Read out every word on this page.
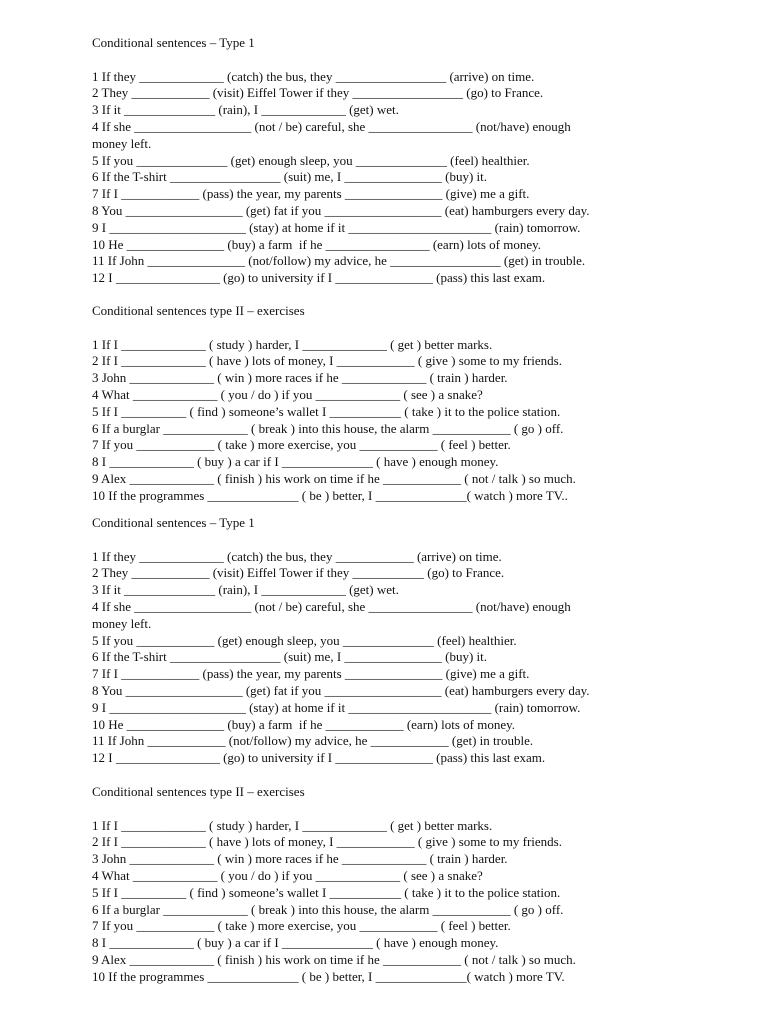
Conditional sentences – Type 1
1 If they _____________ (catch) the bus, they _________________ (arrive) on time.
2 They ____________ (visit) Eiffel Tower if they _________________ (go) to France.
3 If it ______________ (rain), I _____________ (get) wet.
4 If she __________________ (not / be) careful, she ________________ (not/have) enough
money left.
5 If you ______________ (get) enough sleep, you ______________ (feel) healthier.
6 If the T-shirt _________________ (suit) me, I _______________ (buy) it.
7 If I ____________ (pass) the year, my parents _______________ (give) me a gift.
8 You __________________ (get) fat if you __________________ (eat) hamburgers every day.
9 I _____________________ (stay) at home if it ______________________ (rain) tomorrow.
10 He _______________ (buy) a farm  if he ________________ (earn) lots of money.
11 If John _______________ (not/follow) my advice, he _________________ (get) in trouble.
12 I ________________ (go) to university if I _______________ (pass) this last exam.
Conditional sentences type II – exercises
1 If I _____________ ( study ) harder, I _____________ ( get ) better marks.
2 If I _____________ ( have ) lots of money, I ____________ ( give ) some to my friends.
3 John _____________ ( win ) more races if he _____________ ( train ) harder.
4 What _____________ ( you / do ) if you _____________ ( see ) a snake?
5 If I __________ ( find ) someone’s wallet I ___________ ( take ) it to the police station.
6 If a burglar _____________ ( break ) into this house, the alarm ____________ ( go ) off.
7 If you ____________ ( take ) more exercise, you ____________ ( feel ) better.
8 I _____________ ( buy ) a car if I ______________ ( have ) enough money.
9 Alex _____________ ( finish ) his work on time if he ____________ ( not / talk ) so much.
10 If the programmes ______________ ( be ) better, I ______________( watch ) more TV..
Conditional sentences – Type 1
1 If they _____________ (catch) the bus, they ____________ (arrive) on time.
2 They ____________ (visit) Eiffel Tower if they ___________ (go) to France.
3 If it ______________ (rain), I _____________ (get) wet.
4 If she __________________ (not / be) careful, she ________________ (not/have) enough
money left.
5 If you ____________ (get) enough sleep, you ______________ (feel) healthier.
6 If the T-shirt _________________ (suit) me, I _______________ (buy) it.
7 If I ____________ (pass) the year, my parents _______________ (give) me a gift.
8 You __________________ (get) fat if you __________________ (eat) hamburgers every day.
9 I _____________________ (stay) at home if it ______________________ (rain) tomorrow.
10 He _______________ (buy) a farm  if he ____________ (earn) lots of money.
11 If John ____________ (not/follow) my advice, he ____________ (get) in trouble.
12 I ________________ (go) to university if I _______________ (pass) this last exam.
Conditional sentences type II – exercises
1 If I _____________ ( study ) harder, I _____________ ( get ) better marks.
2 If I _____________ ( have ) lots of money, I ____________ ( give ) some to my friends.
3 John _____________ ( win ) more races if he _____________ ( train ) harder.
4 What _____________ ( you / do ) if you _____________ ( see ) a snake?
5 If I __________ ( find ) someone’s wallet I ___________ ( take ) it to the police station.
6 If a burglar _____________ ( break ) into this house, the alarm ____________ ( go ) off.
7 If you ____________ ( take ) more exercise, you ____________ ( feel ) better.
8 I _____________ ( buy ) a car if I ______________ ( have ) enough money.
9 Alex _____________ ( finish ) his work on time if he ____________ ( not / talk ) so much.
10 If the programmes ______________ ( be ) better, I ______________( watch ) more TV.
